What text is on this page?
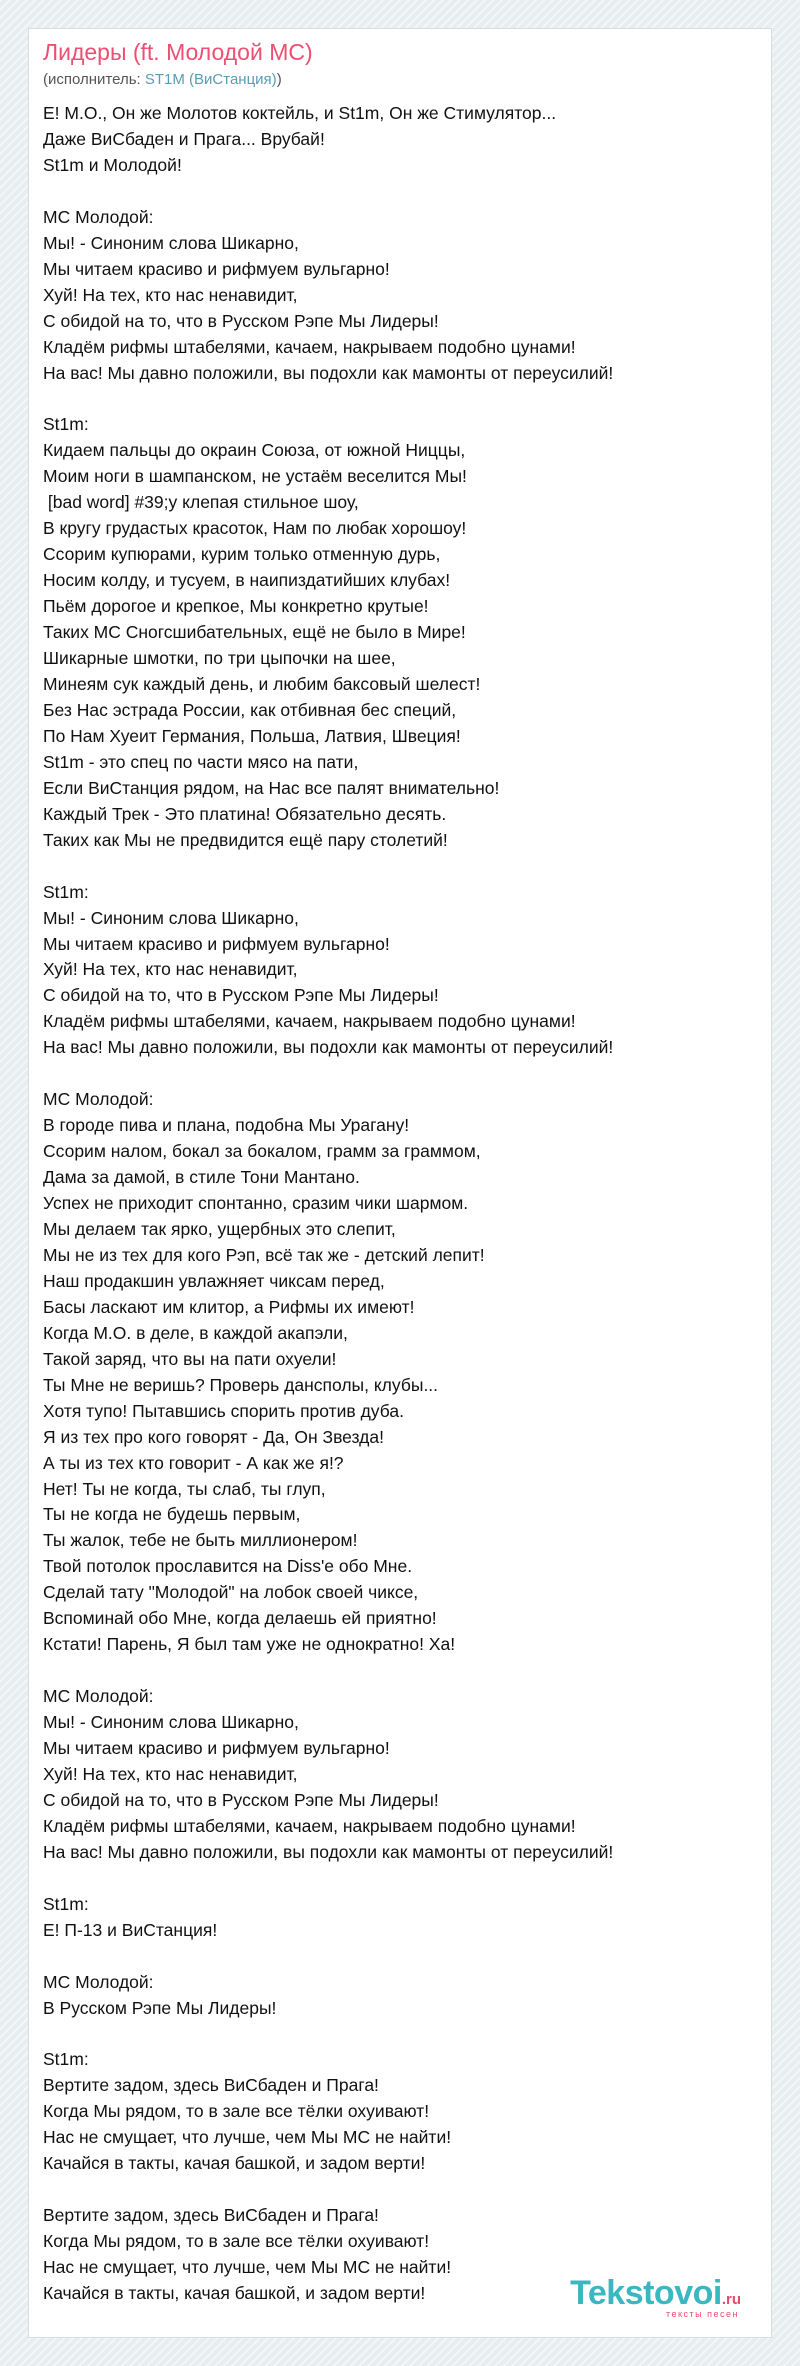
Лидеры (ft. Молодой МС)
(исполнитель: ST1M (ВиСтанция))
Е! М.О., Он же Молотов коктейль, и St1m, Он же Стимулятор...
Даже ВиСбаден и Прага... Врубай!
St1m и Молодой!

МС Молодой:
Мы! - Синоним слова Шикарно,
Мы читаем красиво и рифмуем вульгарно!
Хуй! На тех, кто нас ненавидит,
С обидой на то, что в Русском Рэпе Мы Лидеры!
Кладём рифмы штабелями, качаем, накрываем подобно цунами!
На вас! Мы давно положили, вы подохли как мамонты от переусилий!

St1m:
Кидаем пальцы до окраин Союза, от южной Ниццы,
Моим ноги в шампанском, не устаём веселится Мы!
[bad word] #39;у клепая стильное шоу,
В кругу грудастых красоток, Нам по любак хорошоу!
Ссорим купюрами, курим только отменную дурь,
Носим колду, и тусуем, в наипиздатийших клубах!
Пьём дорогое и крепкое, Мы конкретно крутые!
Таких МС Сногсшибательных, ещё не было в Мире!
Шикарные шмотки, по три цыпочки на шее,
Минеям сук каждый день, и любим баксовый шелест!
Без Нас эстрада России, как отбивная бес специй,
По Нам Хуеит Германия, Польша, Латвия, Швеция!
St1m - это спец по части мясо на пати,
Если ВиСтанция рядом, на Нас все палят внимательно!
Каждый Трек - Это платина! Обязательно десять.
Таких как Мы не предвидится ещё пару столетий!

St1m:
Мы! - Синоним слова Шикарно,
Мы читаем красиво и рифмуем вульгарно!
Хуй! На тех, кто нас ненавидит,
С обидой на то, что в Русском Рэпе Мы Лидеры!
Кладём рифмы штабелями, качаем, накрываем подобно цунами!
На вас! Мы давно положили, вы подохли как мамонты от переусилий!

МС Молодой:
В городе пива и плана, подобна Мы Урагану!
Ссорим налом, бокал за бокалом, грамм за граммом,
Дама за дамой, в стиле Тони Мантано.
Успех не приходит спонтанно, сразим чики шармом.
Мы делаем так ярко, ущербных это слепит,
Мы не из тех для кого Рэп, всё так же - детский лепит!
Наш продакшин увлажняет чиксам перед,
Басы ласкают им клитор, а Рифмы их имеют!
Когда М.О. в деле, в каждой акапэли,
Такой заряд, что вы на пати охуели!
Ты Мне не веришь? Проверь дансполы, клубы...
Хотя тупо! Пытавшись спорить против дуба.
Я из тех про кого говорят - Да, Он Звезда!
А ты из тех кто говорит - А как же я!?
Нет! Ты не когда, ты слаб, ты глуп,
Ты не когда не будешь первым,
Ты жалок, тебе не быть миллионером!
Твой потолок прославится на Diss'e обо Мне.
Сделай тату "Молодой" на лобок своей чиксе,
Вспоминай обо Мне, когда делаешь ей приятно!
Кстати! Парень, Я был там уже не однократно! Ха!

МС Молодой:
Мы! - Синоним слова Шикарно,
Мы читаем красиво и рифмуем вульгарно!
Хуй! На тех, кто нас ненавидит,
С обидой на то, что в Русском Рэпе Мы Лидеры!
Кладём рифмы штабелями, качаем, накрываем подобно цунами!
На вас! Мы давно положили, вы подохли как мамонты от переусилий!

St1m:
Е! П-13 и ВиСтанция!

МС Молодой:
В Русском Рэпе Мы Лидеры!

St1m:
Вертите задом, здесь ВиСбаден и Прага!
Когда Мы рядом, то в зале все тёлки охуивают!
Нас не смущает, что лучше, чем Мы МС не найти!
Качайся в такты, качая башкой, и задом верти!

Вертите задом, здесь ВиСбаден и Прага!
Когда Мы рядом, то в зале все тёлки охуивают!
Нас не смущает, что лучше, чем Мы МС не найти!
Качайся в такты, качая башкой, и задом верти!	Tekstovoi.ru
тексты песен
